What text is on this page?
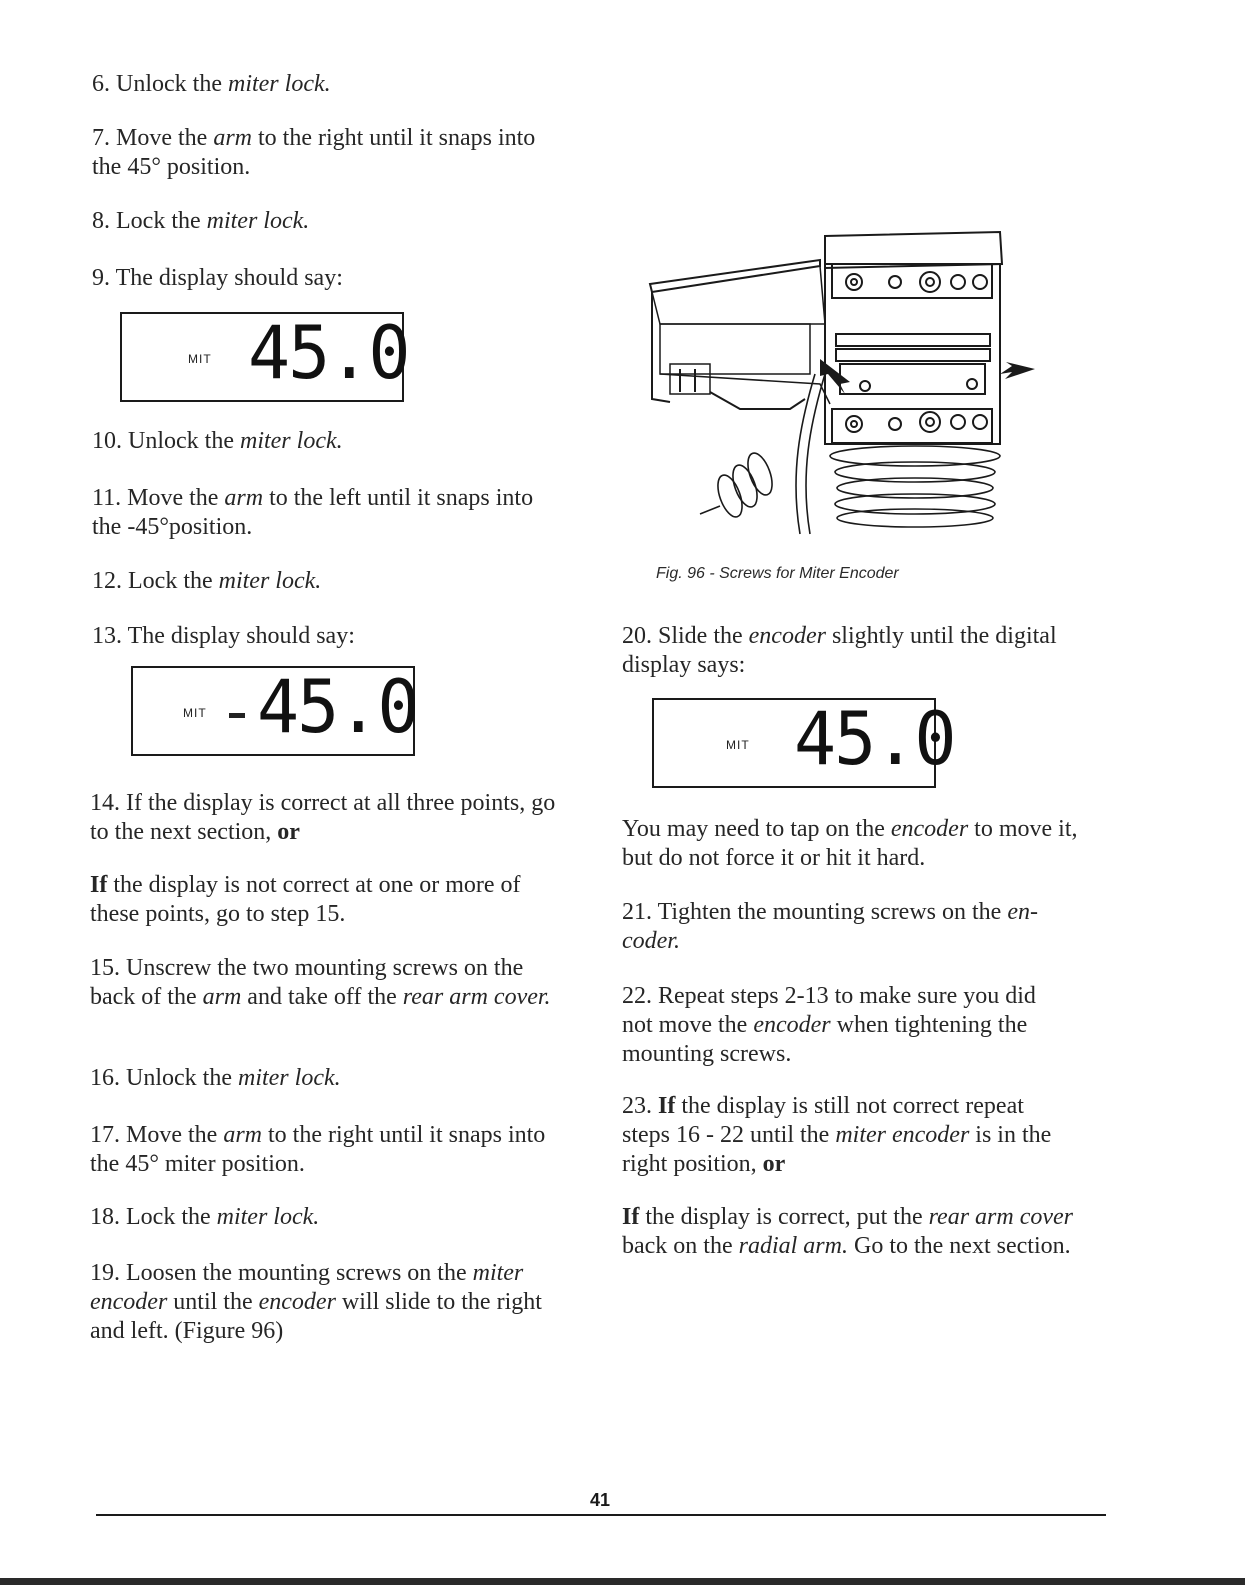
6. Unlock the miter lock.

7. Move the arm to the right until it snaps into the 45° position.

8. Lock the miter lock.

9. The display should say:

MIT 45.0

10. Unlock the miter lock.

11. Move the arm to the left until it snaps into the -45°position.

12. Lock the miter lock.

13. The display should say:

MIT 45.0

14. If the display is correct at all three points, go to the next section, or

If the display is not correct at one or more of these points, go to step 15.

15. Unscrew the two mounting screws on the back of the arm and take off the rear arm cover.

16. Unlock the miter lock.

17. Move the arm to the right until it snaps into the 45° miter position.

18. Lock the miter lock.

19. Loosen the mounting screws on the miter encoder until the encoder will slide to the right and left. (Figure 96)

Fig. 96 - Screws for Miter Encoder

20. Slide the encoder slightly until the digital display says:

MIT 45.0

You may need to tap on the encoder to move it, but do not force it or hit it hard.

21. Tighten the mounting screws on the en-coder.

22. Repeat steps 2-13 to make sure you did not move the encoder when tightening the mounting screws.

23. If the display is still not correct repeat steps 16 - 22 until the miter encoder is in the right position, or

If the display is correct, put the rear arm cover back on the radial arm. Go to the next section.

41
